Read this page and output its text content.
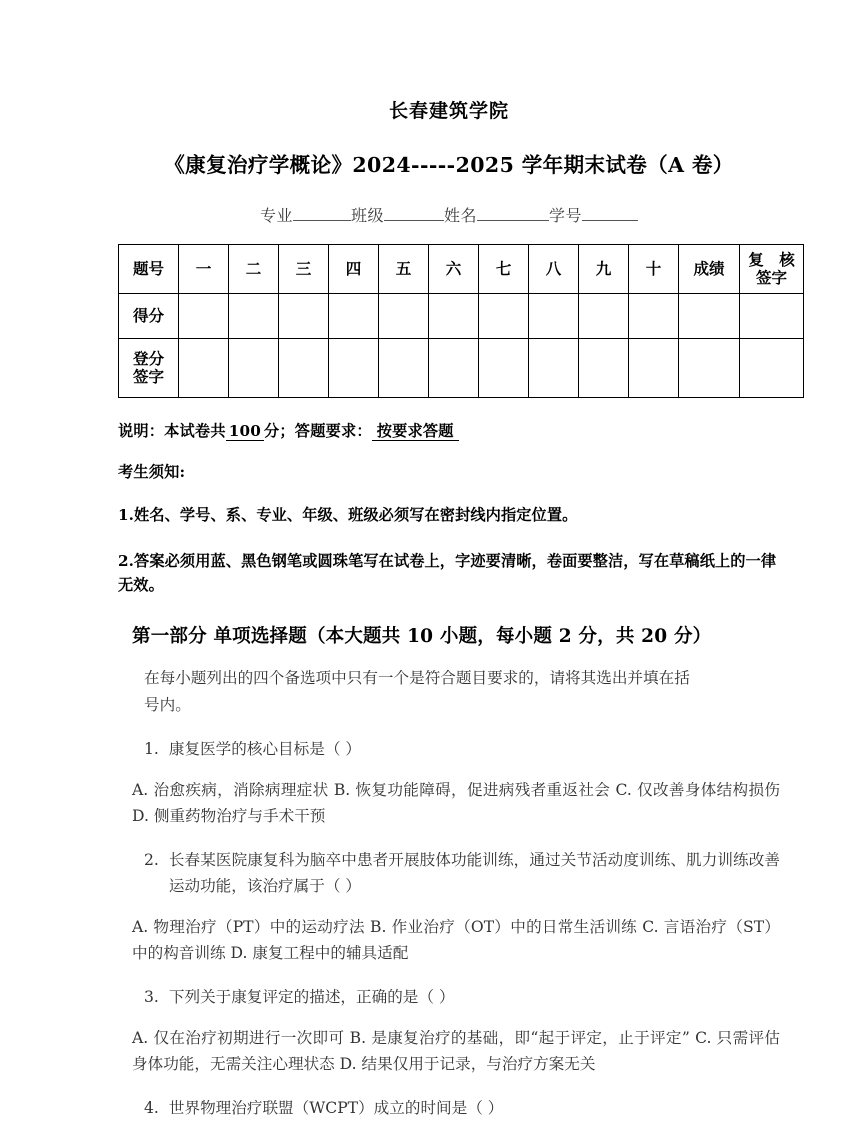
长春建筑学院
《康复治疗学概论》2024-----2025 学年期末试卷（A 卷）
专业	班级	姓名	学号
题号	一	二	三	四	五	六	七	八	九	十	成绩	复 核
签字
得分												

登分
签字												

说明：本试卷共 100 分；答题要求： 按要求答题
考生须知:
1.姓名、学号、系、专业、年级、班级必须写在密封线内指定位置。
2.答案必须用蓝、黑色钢笔或圆珠笔写在试卷上，字迹要清晰，卷面要整洁，写在草稿纸上的一律无效。
第一部分 单项选择题（本大题共 10 小题，每小题 2 分，共 20 分）
在每小题列出的四个备选项中只有一个是符合题目要求的，请将其选出并填在括
号内。
1. 康复医学的核心目标是（ ）
A. 治愈疾病，消除病理症状 B. 恢复功能障碍，促进病残者重返社会 C. 仅改善身体结构损伤 D. 侧重药物治疗与手术干预
2. 长春某医院康复科为脑卒中患者开展肢体功能训练，通过关节活动度训练、肌力训练改善运动功能，该治疗属于（ ）
A. 物理治疗（PT）中的运动疗法 B. 作业治疗（OT）中的日常生活训练 C. 言语治疗（ST）中的构音训练 D. 康复工程中的辅具适配
3. 下列关于康复评定的描述，正确的是（ ）
A. 仅在治疗初期进行一次即可 B. 是康复治疗的基础，即“起于评定，止于评定” C. 只需评估身体功能，无需关注心理状态 D. 结果仅用于记录，与治疗方案无关
4. 世界物理治疗联盟（WCPT）成立的时间是（ ）
